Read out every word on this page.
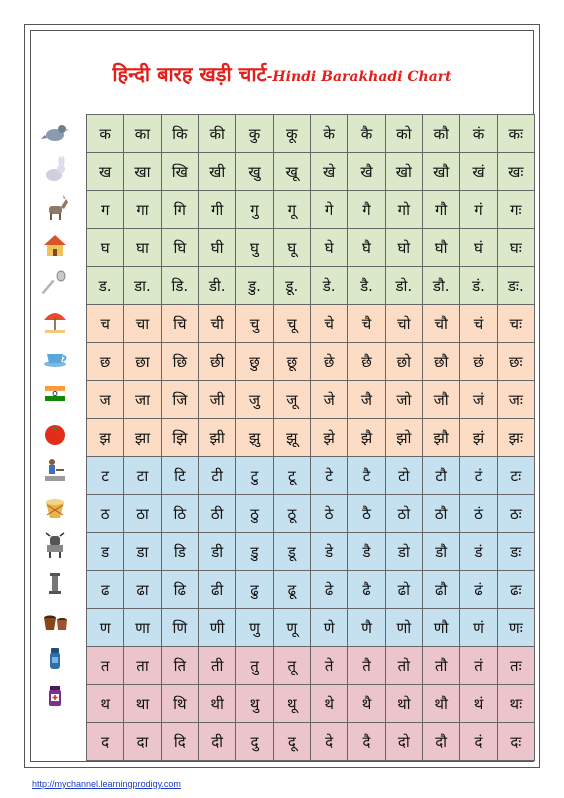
हिन्दी बारह खड़ी चार्ट-Hindi Barakhadi Chart
क	का	कि	की	कु	कू	के	कै	को	कौ	कं	कः
ख	खा	खि	खी	खु	खू	खे	खै	खो	खौ	खं	खः
ग	गा	गि	गी	गु	गू	गे	गै	गो	गौ	गं	गः
घ	घा	घि	घी	घु	घू	घे	घै	घो	घौ	घं	घः
ड.	डा.	डि.	डी.	डु.	डू.	डे.	डै.	डो.	डौ.	डं.	डः.
च	चा	चि	ची	चु	चू	चे	चै	चो	चौ	चं	चः
छ	छा	छि	छी	छु	छू	छे	छै	छो	छौ	छं	छः
ज	जा	जि	जी	जु	जू	जे	जै	जो	जौ	जं	जः
झ	झा	झि	झी	झु	झू	झे	झै	झो	झौ	झं	झः
ट	टा	टि	टी	टु	टू	टे	टै	टो	टौ	टं	टः
ठ	ठा	ठि	ठी	ठु	ठू	ठे	ठै	ठो	ठौ	ठं	ठः
ड	डा	डि	डी	डु	डू	डे	डै	डो	डौ	डं	डः
ढ	ढा	ढि	ढी	ढु	ढू	ढे	ढै	ढो	ढौ	ढं	ढः
ण	णा	णि	णी	णु	णू	णे	णै	णो	णौ	णं	णः
त	ता	ति	ती	तु	तू	ते	तै	तो	तौ	तं	तः
थ	था	थि	थी	थु	थू	थे	थै	थो	थौ	थं	थः
द	दा	दि	दी	दु	दू	दे	दै	दो	दौ	दं	दः
http://mychannel.learningprodigy.com
